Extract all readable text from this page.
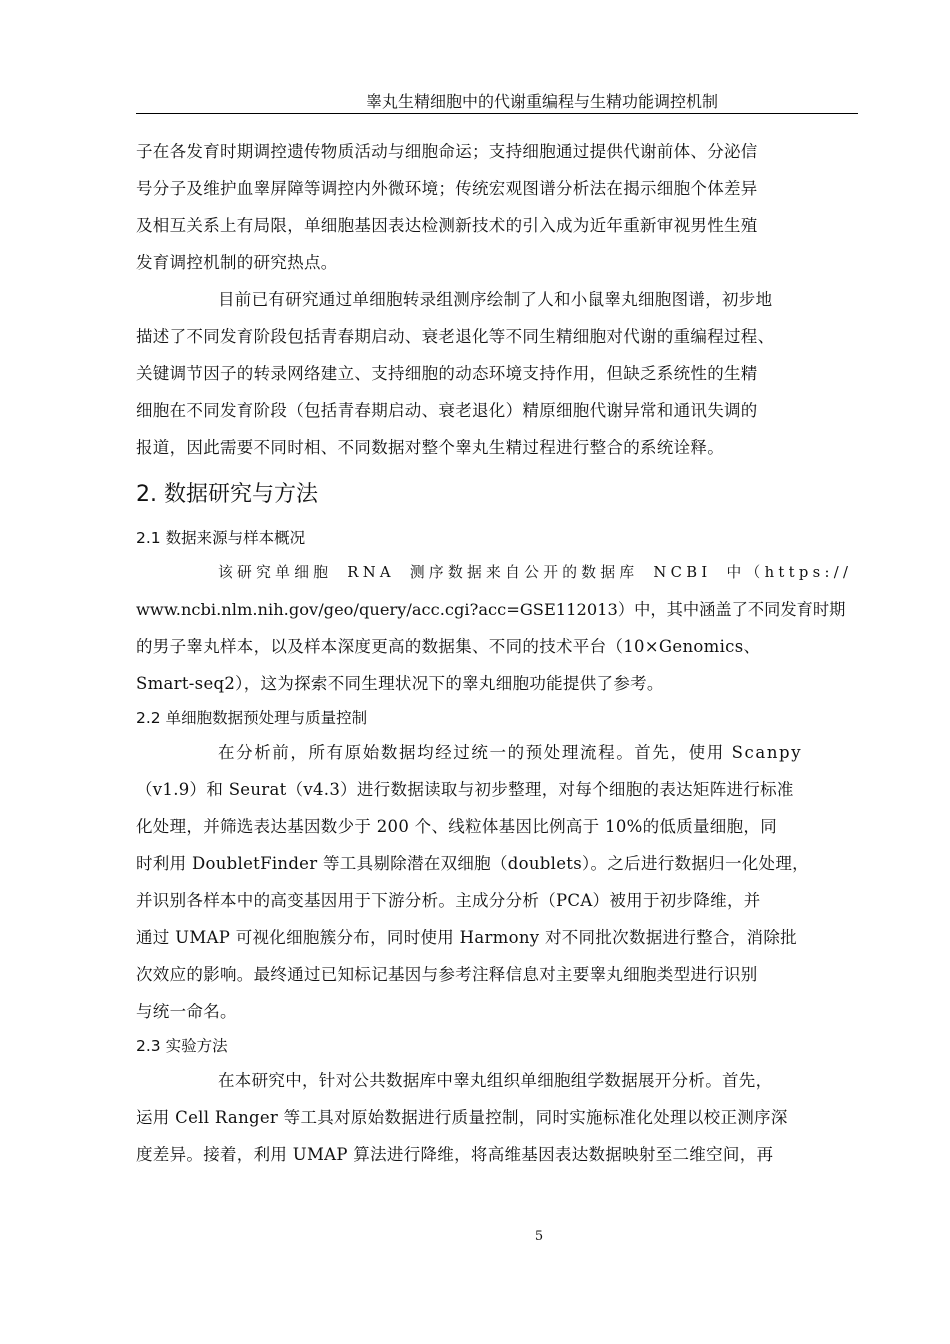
睾丸生精细胞中的代谢重编程与生精功能调控机制

子在各发育时期调控遗传物质活动与细胞命运；支持细胞通过提供代谢前体、分泌信
号分子及维护血睾屏障等调控内外微环境；传统宏观图谱分析法在揭示细胞个体差异
及相互关系上有局限，单细胞基因表达检测新技术的引入成为近年重新审视男性生殖
发育调控机制的研究热点。

目前已有研究通过单细胞转录组测序绘制了人和小鼠睾丸细胞图谱，初步地
描述了不同发育阶段包括青春期启动、衰老退化等不同生精细胞对代谢的重编程过程、
关键调节因子的转录网络建立、支持细胞的动态环境支持作用，但缺乏系统性的生精
细胞在不同发育阶段（包括青春期启动、衰老退化）精原细胞代谢异常和通讯失调的
报道，因此需要不同时相、不同数据对整个睾丸生精过程进行整合的系统诠释。

2. 数据研究与方法
2.1 数据来源与样本概况

该研究单细胞 RNA 测序数据来自公开的数据库 NCBI 中（https://
www.ncbi.nlm.nih.gov/geo/query/acc.cgi?acc=GSE112013）中，其中涵盖了不同发育时期
的男子睾丸样本，以及样本深度更高的数据集、不同的技术平台（10×Genomics、
Smart-seq2），这为探索不同生理状况下的睾丸细胞功能提供了参考。

2.2 单细胞数据预处理与质量控制

在分析前，所有原始数据均经过统一的预处理流程。首先，使用 Scanpy
（v1.9）和 Seurat（v4.3）进行数据读取与初步整理，对每个细胞的表达矩阵进行标准
化处理，并筛选表达基因数少于 200 个、线粒体基因比例高于 10%的低质量细胞，同
时利用 DoubletFinder 等工具剔除潜在双细胞（doublets）。之后进行数据归一化处理，
并识别各样本中的高变基因用于下游分析。主成分分析（PCA）被用于初步降维，并
通过 UMAP 可视化细胞簇分布，同时使用 Harmony 对不同批次数据进行整合，消除批
次效应的影响。最终通过已知标记基因与参考注释信息对主要睾丸细胞类型进行识别
与统一命名。

2.3 实验方法

在本研究中，针对公共数据库中睾丸组织单细胞组学数据展开分析。首先，
运用 Cell Ranger 等工具对原始数据进行质量控制，同时实施标准化处理以校正测序深
度差异。接着，利用 UMAP 算法进行降维，将高维基因表达数据映射至二维空间，再

5
